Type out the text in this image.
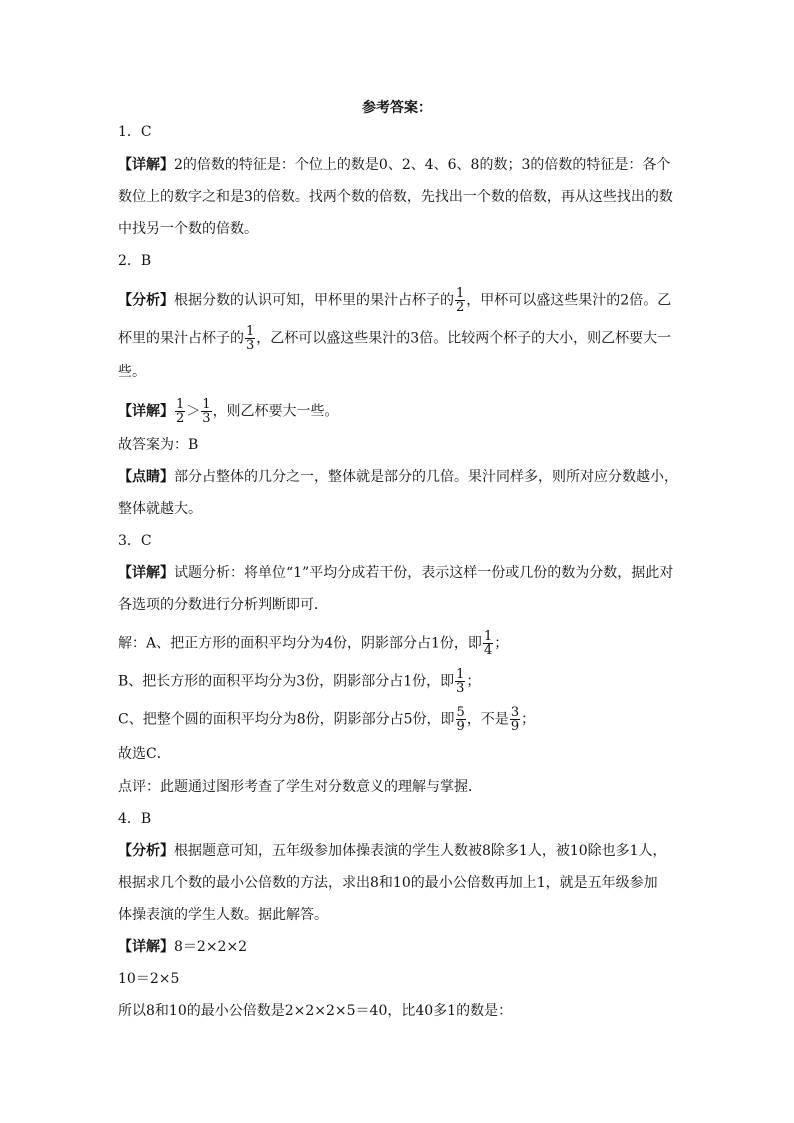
参考答案：
1．C
【详解】2的倍数的特征是：个位上的数是0、2、4、6、8的数；3的倍数的特征是：各个
数位上的数字之和是3的倍数。找两个数的倍数，先找出一个数的倍数，再从这些找出的数
中找另一个数的倍数。
2．B
【分析】根据分数的认识可知，甲杯里的果汁占杯子的 $\frac{1}{2}$ ，甲杯可以盛这些果汁的2倍。乙
杯里的果汁占杯子的 $\frac{1}{3}$ ，乙杯可以盛这些果汁的3倍。比较两个杯子的大小，则乙杯要大一
些。
【详解】 $\frac{1}{2} > \frac{1}{3}$ ，则乙杯要大一些。
故答案为：B
【点睛】部分占整体的几分之一，整体就是部分的几倍。果汁同样多，则所对应分数越小，
整体就越大。
3．C
【详解】试题分析：将单位“1”平均分成若干份，表示这样一份或几份的数为分数，据此对
各选项的分数进行分析判断即可．
解：A、把正方形的面积平均分为4份，阴影部分占1份，即 $\frac{1}{4}$ ；
B、把长方形的面积平均分为3份，阴影部分占1份，即 $\frac{1}{3}$ ；
C、把整个圆的面积平均分为8份，阴影部分占5份，即 $\frac{5}{9}$ ，不是 $\frac{3}{9}$ ；
故选C．
点评：此题通过图形考查了学生对分数意义的理解与掌握．
4．B
【分析】根据题意可知，五年级参加体操表演的学生人数被8除多1人，被10除也多1人，
根据求几个数的最小公倍数的方法，求出8和10的最小公倍数再加上1，就是五年级参加
体操表演的学生人数。据此解答。
【详解】8＝2×2×2
10＝2×5
所以8和10的最小公倍数是2×2×2×5＝40，比40多1的数是：
